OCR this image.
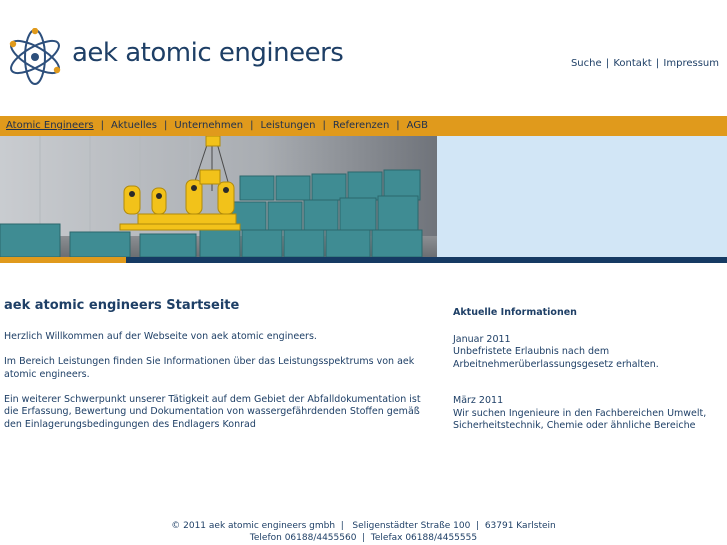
aek atomic engineers	Suche | Kontakt | Impressum
Atomic Engineers | Aktuelles | Unternehmen | Leistungen | Referenzen | AGB
aek atomic engineers Startseite

Herzlich Willkommen auf der Webseite von aek atomic engineers.

Im Bereich Leistungen finden Sie Informationen über das Leistungsspektrums von aek atomic engineers.

Ein weiterer Schwerpunkt unserer Tätigkeit auf dem Gebiet der Abfalldokumentation ist die Erfassung, Bewertung und Dokumentation von wassergefährdenden Stoffen gemäß den Einlagerungsbedingungen des Endlagers Konrad

Aktuelle Informationen
Januar 2011
Unbefristete Erlaubnis nach dem Arbeitnehmerüberlassungsgesetz erhalten.
März 2011
Wir suchen Ingenieure in den Fachbereichen Umwelt, Sicherheitstechnik, Chemie oder ähnliche Bereiche
© 2011 aek atomic engineers gmbh  |   Seligenstädter Straße 100  |  63791 Karlstein
Telefon 06188/4455560  |  Telefax 06188/4455555
